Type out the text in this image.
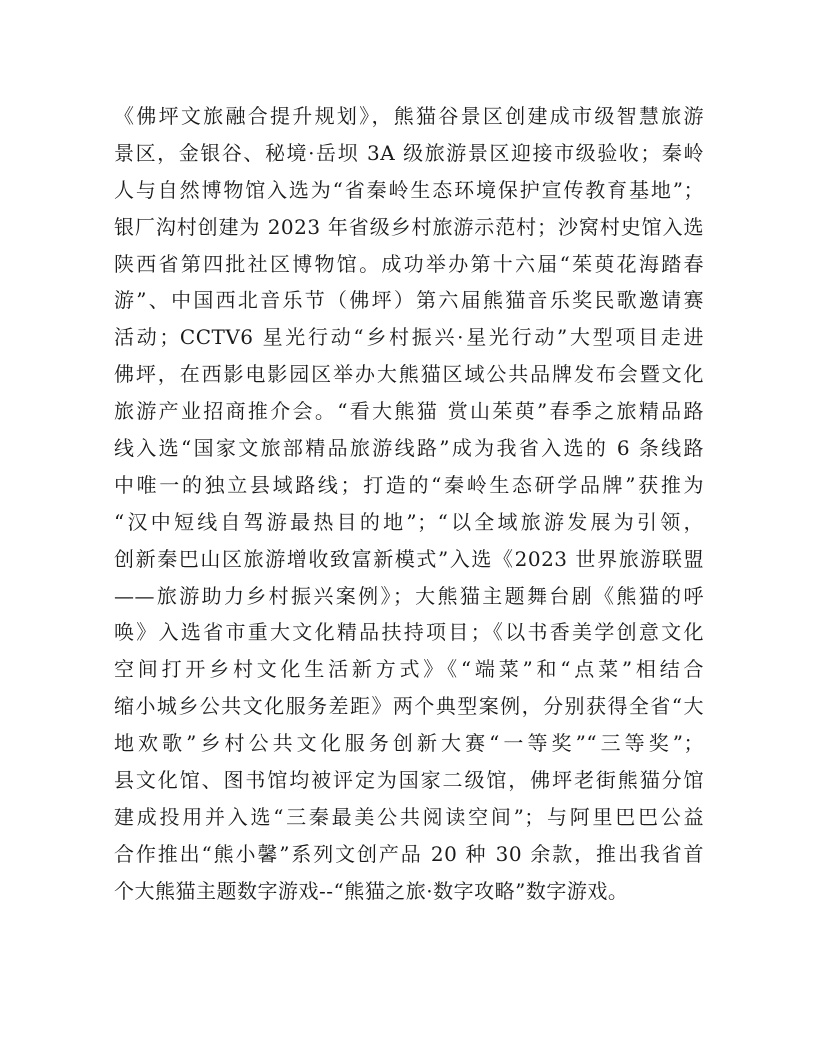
《佛坪文旅融合提升规划》，熊猫谷景区创建成市级智慧旅游
景区，金银谷、秘境·岳坝 3A 级旅游景区迎接市级验收；秦岭
人与自然博物馆入选为“省秦岭生态环境保护宣传教育基地”；
银厂沟村创建为 2023 年省级乡村旅游示范村；沙窝村史馆入选
陕西省第四批社区博物馆。成功举办第十六届“茱萸花海踏春
游”、中国西北音乐节（佛坪）第六届熊猫音乐奖民歌邀请赛
活动；CCTV6 星光行动“乡村振兴·星光行动”大型项目走进
佛坪，在西影电影园区举办大熊猫区域公共品牌发布会暨文化
旅游产业招商推介会。“看大熊猫 赏山茱萸”春季之旅精品路
线入选“国家文旅部精品旅游线路”成为我省入选的 6 条线路
中唯一的独立县域路线；打造的“秦岭生态研学品牌”获推为
“汉中短线自驾游最热目的地”；“以全域旅游发展为引领，
创新秦巴山区旅游增收致富新模式”入选《2023 世界旅游联盟
——旅游助力乡村振兴案例》；大熊猫主题舞台剧《熊猫的呼
唤》入选省市重大文化精品扶持项目；《以书香美学创意文化
空间打开乡村文化生活新方式》《“端菜”和“点菜”相结合
缩小城乡公共文化服务差距》两个典型案例，分别获得全省“大
地欢歌”乡村公共文化服务创新大赛“一等奖”“三等奖”；
县文化馆、图书馆均被评定为国家二级馆，佛坪老街熊猫分馆
建成投用并入选“三秦最美公共阅读空间”；与阿里巴巴公益
合作推出“熊小馨”系列文创产品 20 种 30 余款，推出我省首
个大熊猫主题数字游戏--“熊猫之旅·数字攻略”数字游戏。
